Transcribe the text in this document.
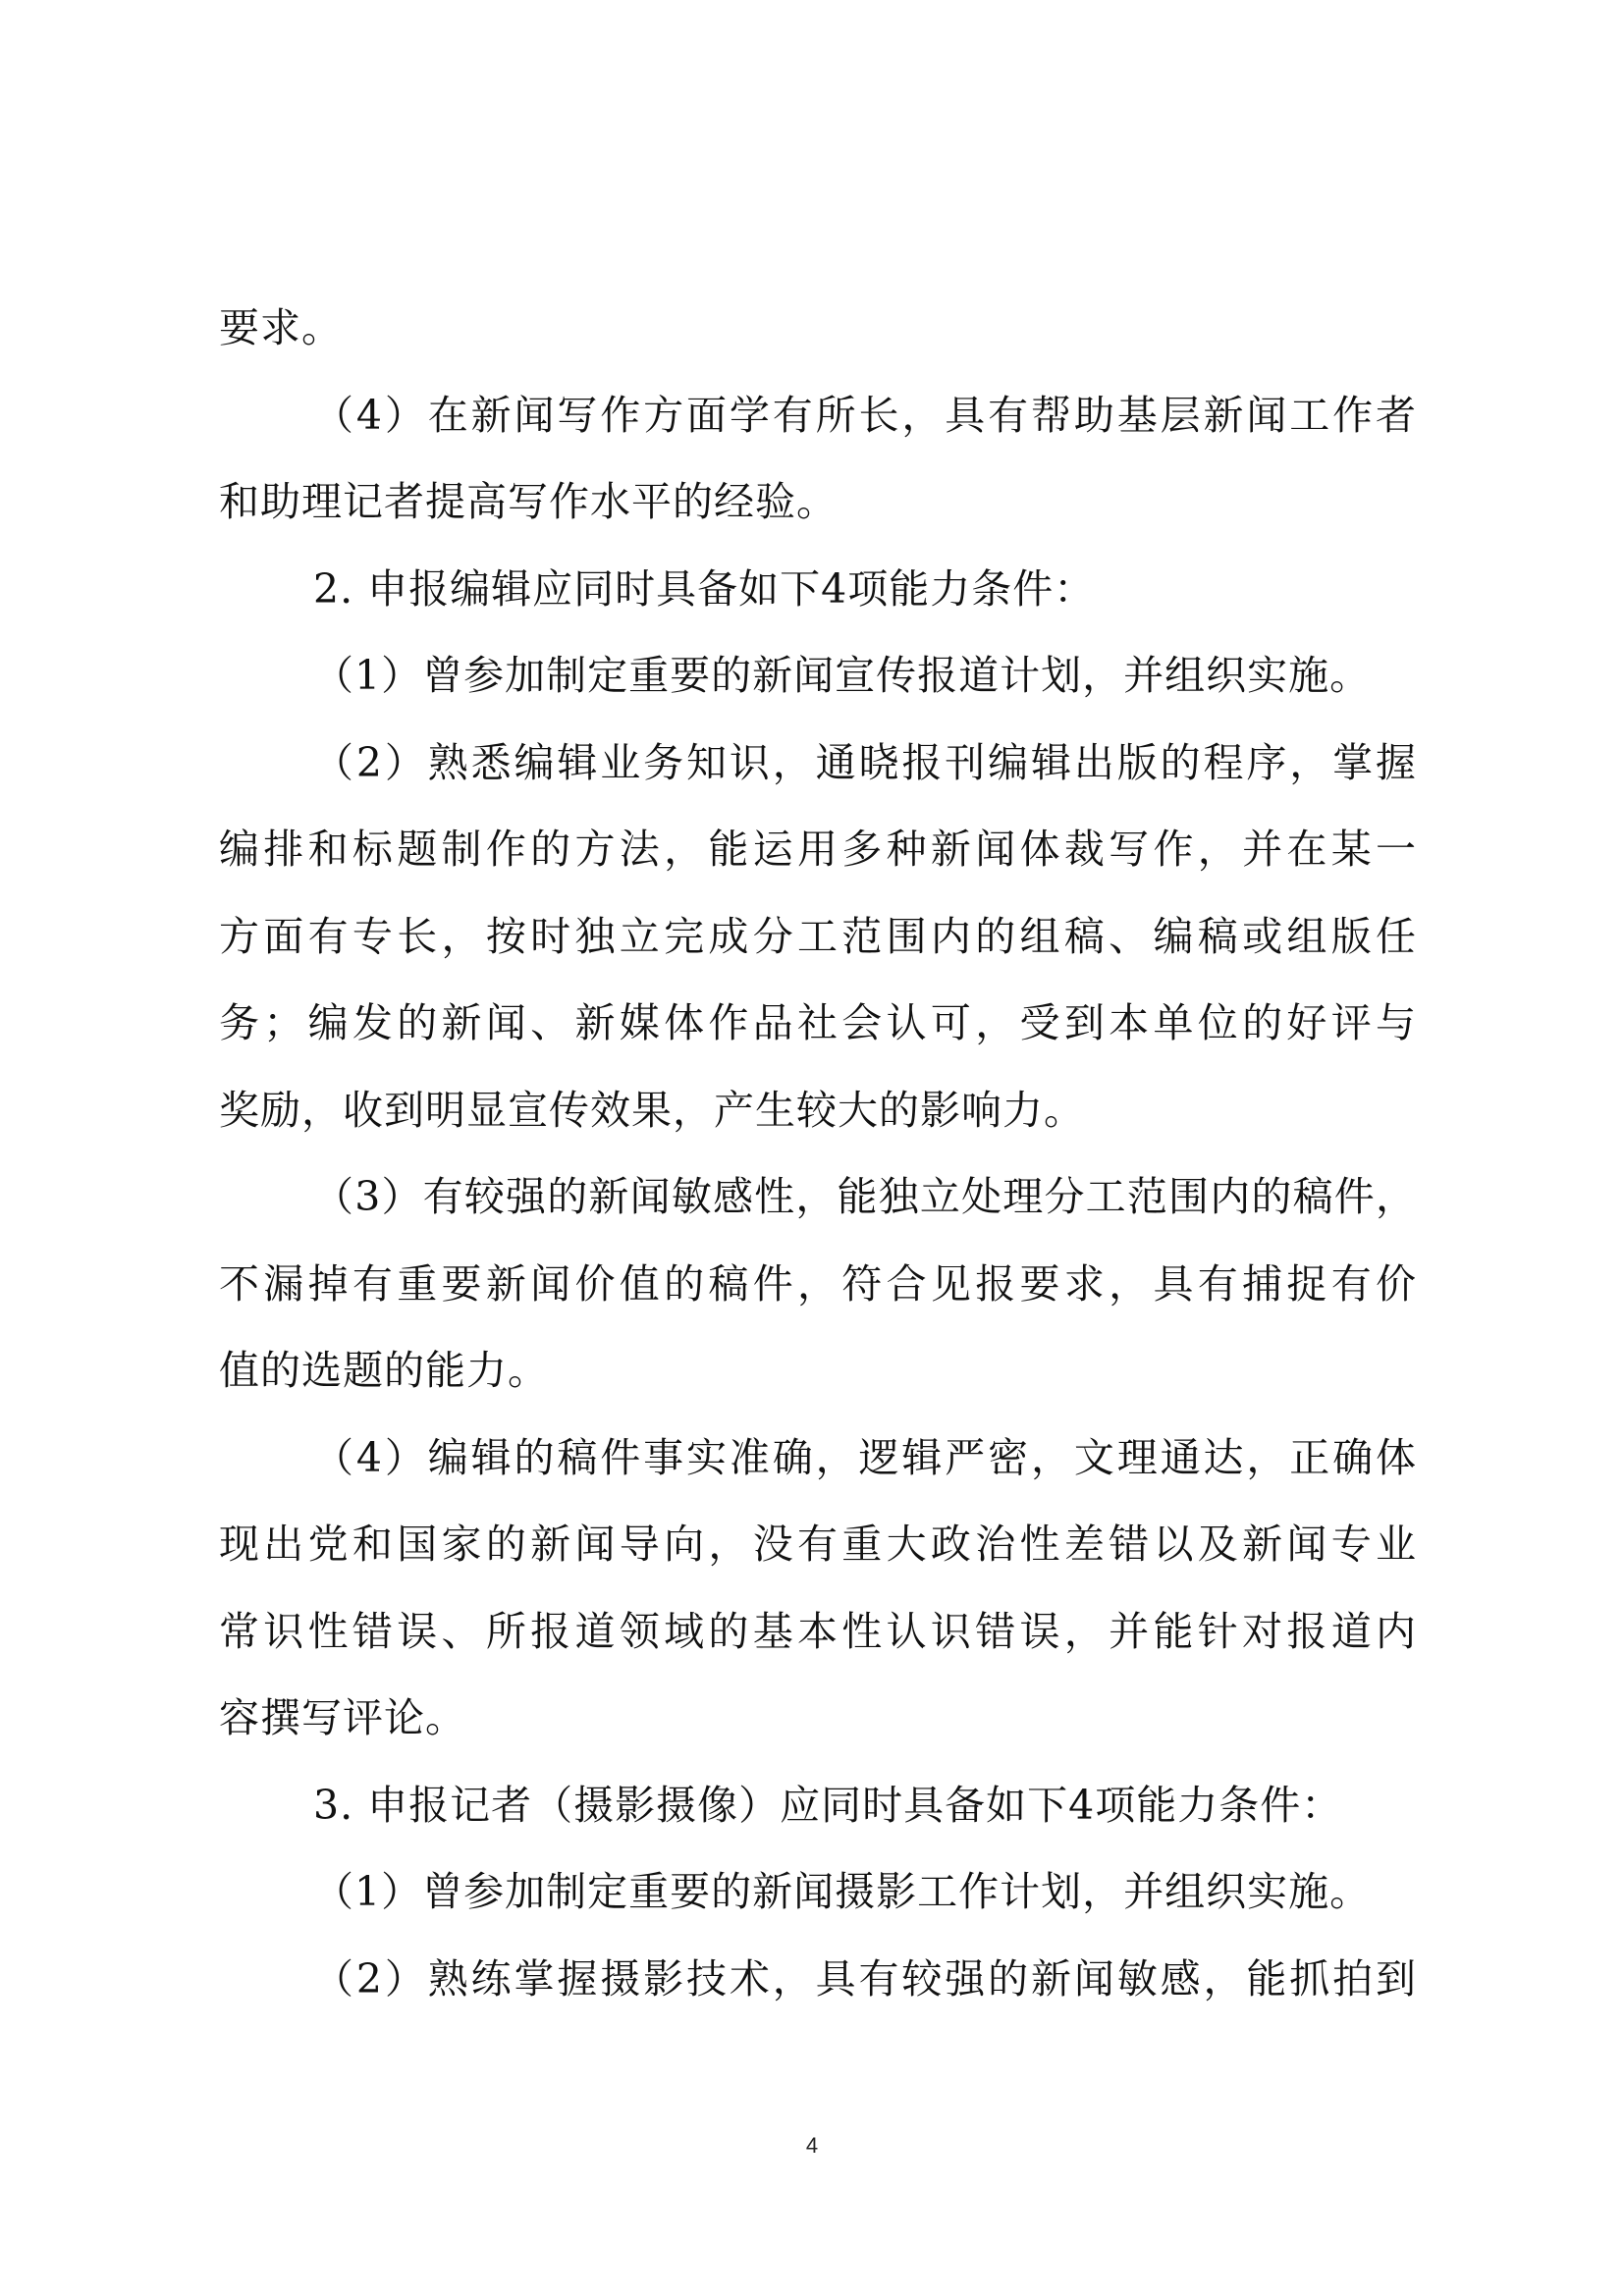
要求。
（4）在新闻写作方面学有所长，具有帮助基层新闻工作者
和助理记者提高写作水平的经验。
2. 申报编辑应同时具备如下4项能力条件：
（1）曾参加制定重要的新闻宣传报道计划，并组织实施。
（2）熟悉编辑业务知识，通晓报刊编辑出版的程序，掌握
编排和标题制作的方法，能运用多种新闻体裁写作，并在某一
方面有专长，按时独立完成分工范围内的组稿、编稿或组版任
务；编发的新闻、新媒体作品社会认可，受到本单位的好评与
奖励，收到明显宣传效果，产生较大的影响力。
（3）有较强的新闻敏感性，能独立处理分工范围内的稿件，
不漏掉有重要新闻价值的稿件，符合见报要求，具有捕捉有价
值的选题的能力。
（4）编辑的稿件事实准确，逻辑严密，文理通达，正确体
现出党和国家的新闻导向，没有重大政治性差错以及新闻专业
常识性错误、所报道领域的基本性认识错误，并能针对报道内
容撰写评论。
3. 申报记者（摄影摄像）应同时具备如下4项能力条件：
（1）曾参加制定重要的新闻摄影工作计划，并组织实施。
（2）熟练掌握摄影技术，具有较强的新闻敏感，能抓拍到
4
